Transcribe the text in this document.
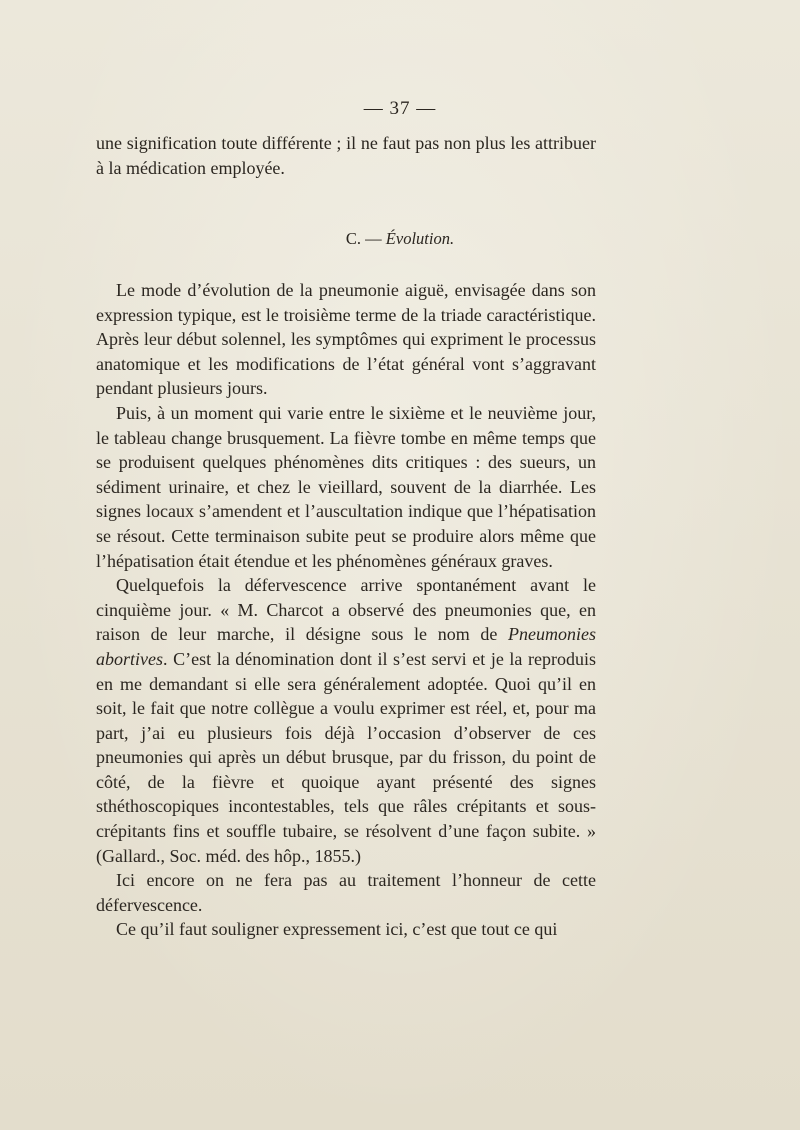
— 37 —

une signification toute différente ; il ne faut pas non plus les attribuer à la médication employée.

C. — Évolution.

Le mode d’évolution de la pneumonie aiguë, envisagée dans son expression typique, est le troisième terme de la triade caractéristique. Après leur début solennel, les symptômes qui expriment le processus anatomique et les modifications de l’état général vont s’aggravant pendant plusieurs jours.

Puis, à un moment qui varie entre le sixième et le neuvième jour, le tableau change brusquement. La fièvre tombe en même temps que se produisent quelques phénomènes dits critiques : des sueurs, un sédiment urinaire, et chez le vieillard, souvent de la diarrhée. Les signes locaux s’amendent et l’auscultation indique que l’hépatisation se résout. Cette terminaison subite peut se produire alors même que l’hépatisation était étendue et les phénomènes généraux graves.

Quelquefois la défervescence arrive spontanément avant le cinquième jour. « M. Charcot a observé des pneumonies que, en raison de leur marche, il désigne sous le nom de Pneumonies abortives. C’est la dénomination dont il s’est servi et je la reproduis en me demandant si elle sera généralement adoptée. Quoi qu’il en soit, le fait que notre collègue a voulu exprimer est réel, et, pour ma part, j’ai eu plusieurs fois déjà l’occasion d’observer de ces pneumonies qui après un début brusque, par du frisson, du point de côté, de la fièvre et quoique ayant présenté des signes sthéthoscopiques incontestables, tels que râles crépitants et sous-crépitants fins et souffle tubaire, se résolvent d’une façon subite. » (Gallard., Soc. méd. des hôp., 1855.)

Ici encore on ne fera pas au traitement l’honneur de cette défervescence.

Ce qu’il faut souligner expressement ici, c’est que tout ce qui
